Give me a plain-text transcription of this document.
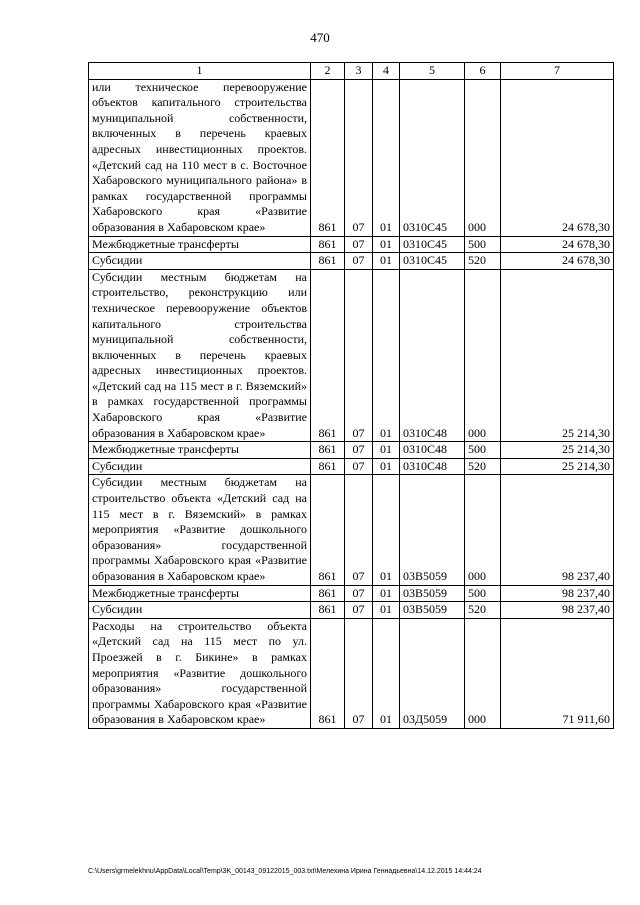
470
1	2	3	4	5	6	7
или техническое перевооружение объектов капитального строительства муниципальной собственности, включенных в перечень краевых адресных инвестиционных проектов. «Детский сад на 110 мест в с. Восточное Хабаровского муниципального района» в рамках государственной программы Хабаровского края «Развитие образования в Хабаровском крае»	861	07	01	0310С45	000	24 678,30
Межбюджетные трансферты	861	07	01	0310С45	500	24 678,30
Субсидии	861	07	01	0310С45	520	24 678,30
Субсидии местным бюджетам на строительство, реконструкцию или техническое перевооружение объектов капитального строительства муниципальной собственности, включенных в перечень краевых адресных инвестиционных проектов. «Детский сад на 115 мест в г. Вяземский» в рамках государственной программы Хабаровского края «Развитие образования в Хабаровском крае»	861	07	01	0310С48	000	25 214,30
Межбюджетные трансферты	861	07	01	0310С48	500	25 214,30
Субсидии	861	07	01	0310С48	520	25 214,30
Субсидии местным бюджетам на строительство объекта «Детский сад на 115 мест в г. Вяземский» в рамках мероприятия «Развитие дошкольного образования» государственной программы Хабаровского края «Развитие образования в Хабаровском крае»	861	07	01	03В5059	000	98 237,40
Межбюджетные трансферты	861	07	01	03В5059	500	98 237,40
Субсидии	861	07	01	03В5059	520	98 237,40
Расходы на строительство объекта «Детский сад на 115 мест по ул. Проезжей в г. Бикине» в рамках мероприятия «Развитие дошкольного образования» государственной программы Хабаровского края «Развитие образования в Хабаровском крае»	861	07	01	03Д5059	000	71 911,60
C:\Users\grmelekhnu\AppData\Local\Temp\3K_00143_09122015_003.txt\Мелехина Ирина Геннадьевна\14.12.2015 14:44:24
